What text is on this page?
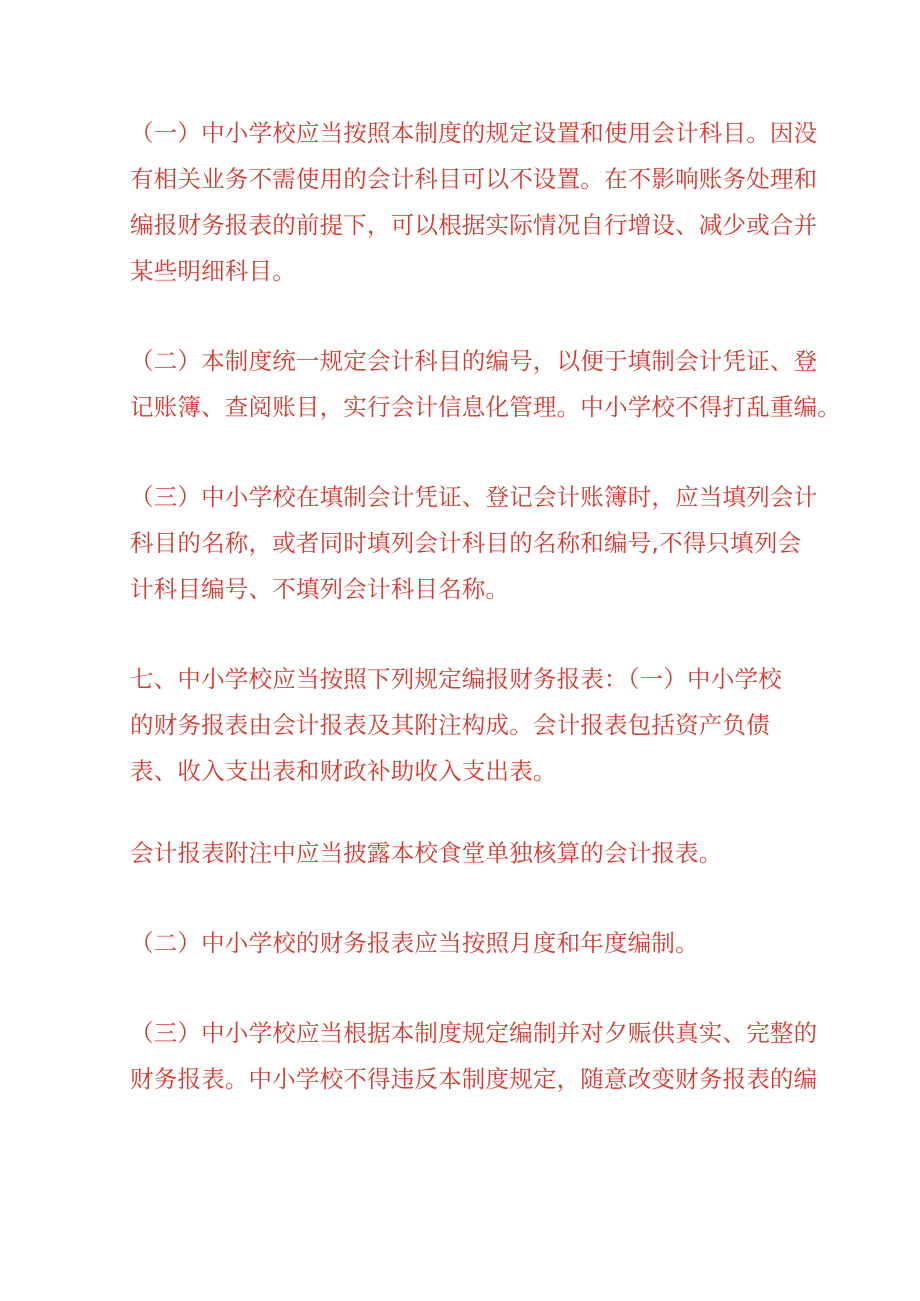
（一）中小学校应当按照本制度的规定设置和使用会计科目。因没
有相关业务不需使用的会计科目可以不设置。在不影响账务处理和
编报财务报表的前提下，可以根据实际情况自行增设、减少或合并
某些明细科目。
（二）本制度统一规定会计科目的编号，以便于填制会计凭证、登
记账簿、查阅账目，实行会计信息化管理。中小学校不得打乱重编。
（三）中小学校在填制会计凭证、登记会计账簿时，应当填列会计
科目的名称，或者同时填列会计科目的名称和编号,不得只填列会
计科目编号、不填列会计科目名称。
七、中小学校应当按照下列规定编报财务报表：（一）中小学校
的财务报表由会计报表及其附注构成。会计报表包括资产负债
表、收入支出表和财政补助收入支出表。
会计报表附注中应当披露本校食堂单独核算的会计报表。
（二）中小学校的财务报表应当按照月度和年度编制。
（三）中小学校应当根据本制度规定编制并对夕赈供真实、完整的
财务报表。中小学校不得违反本制度规定，随意改变财务报表的编
